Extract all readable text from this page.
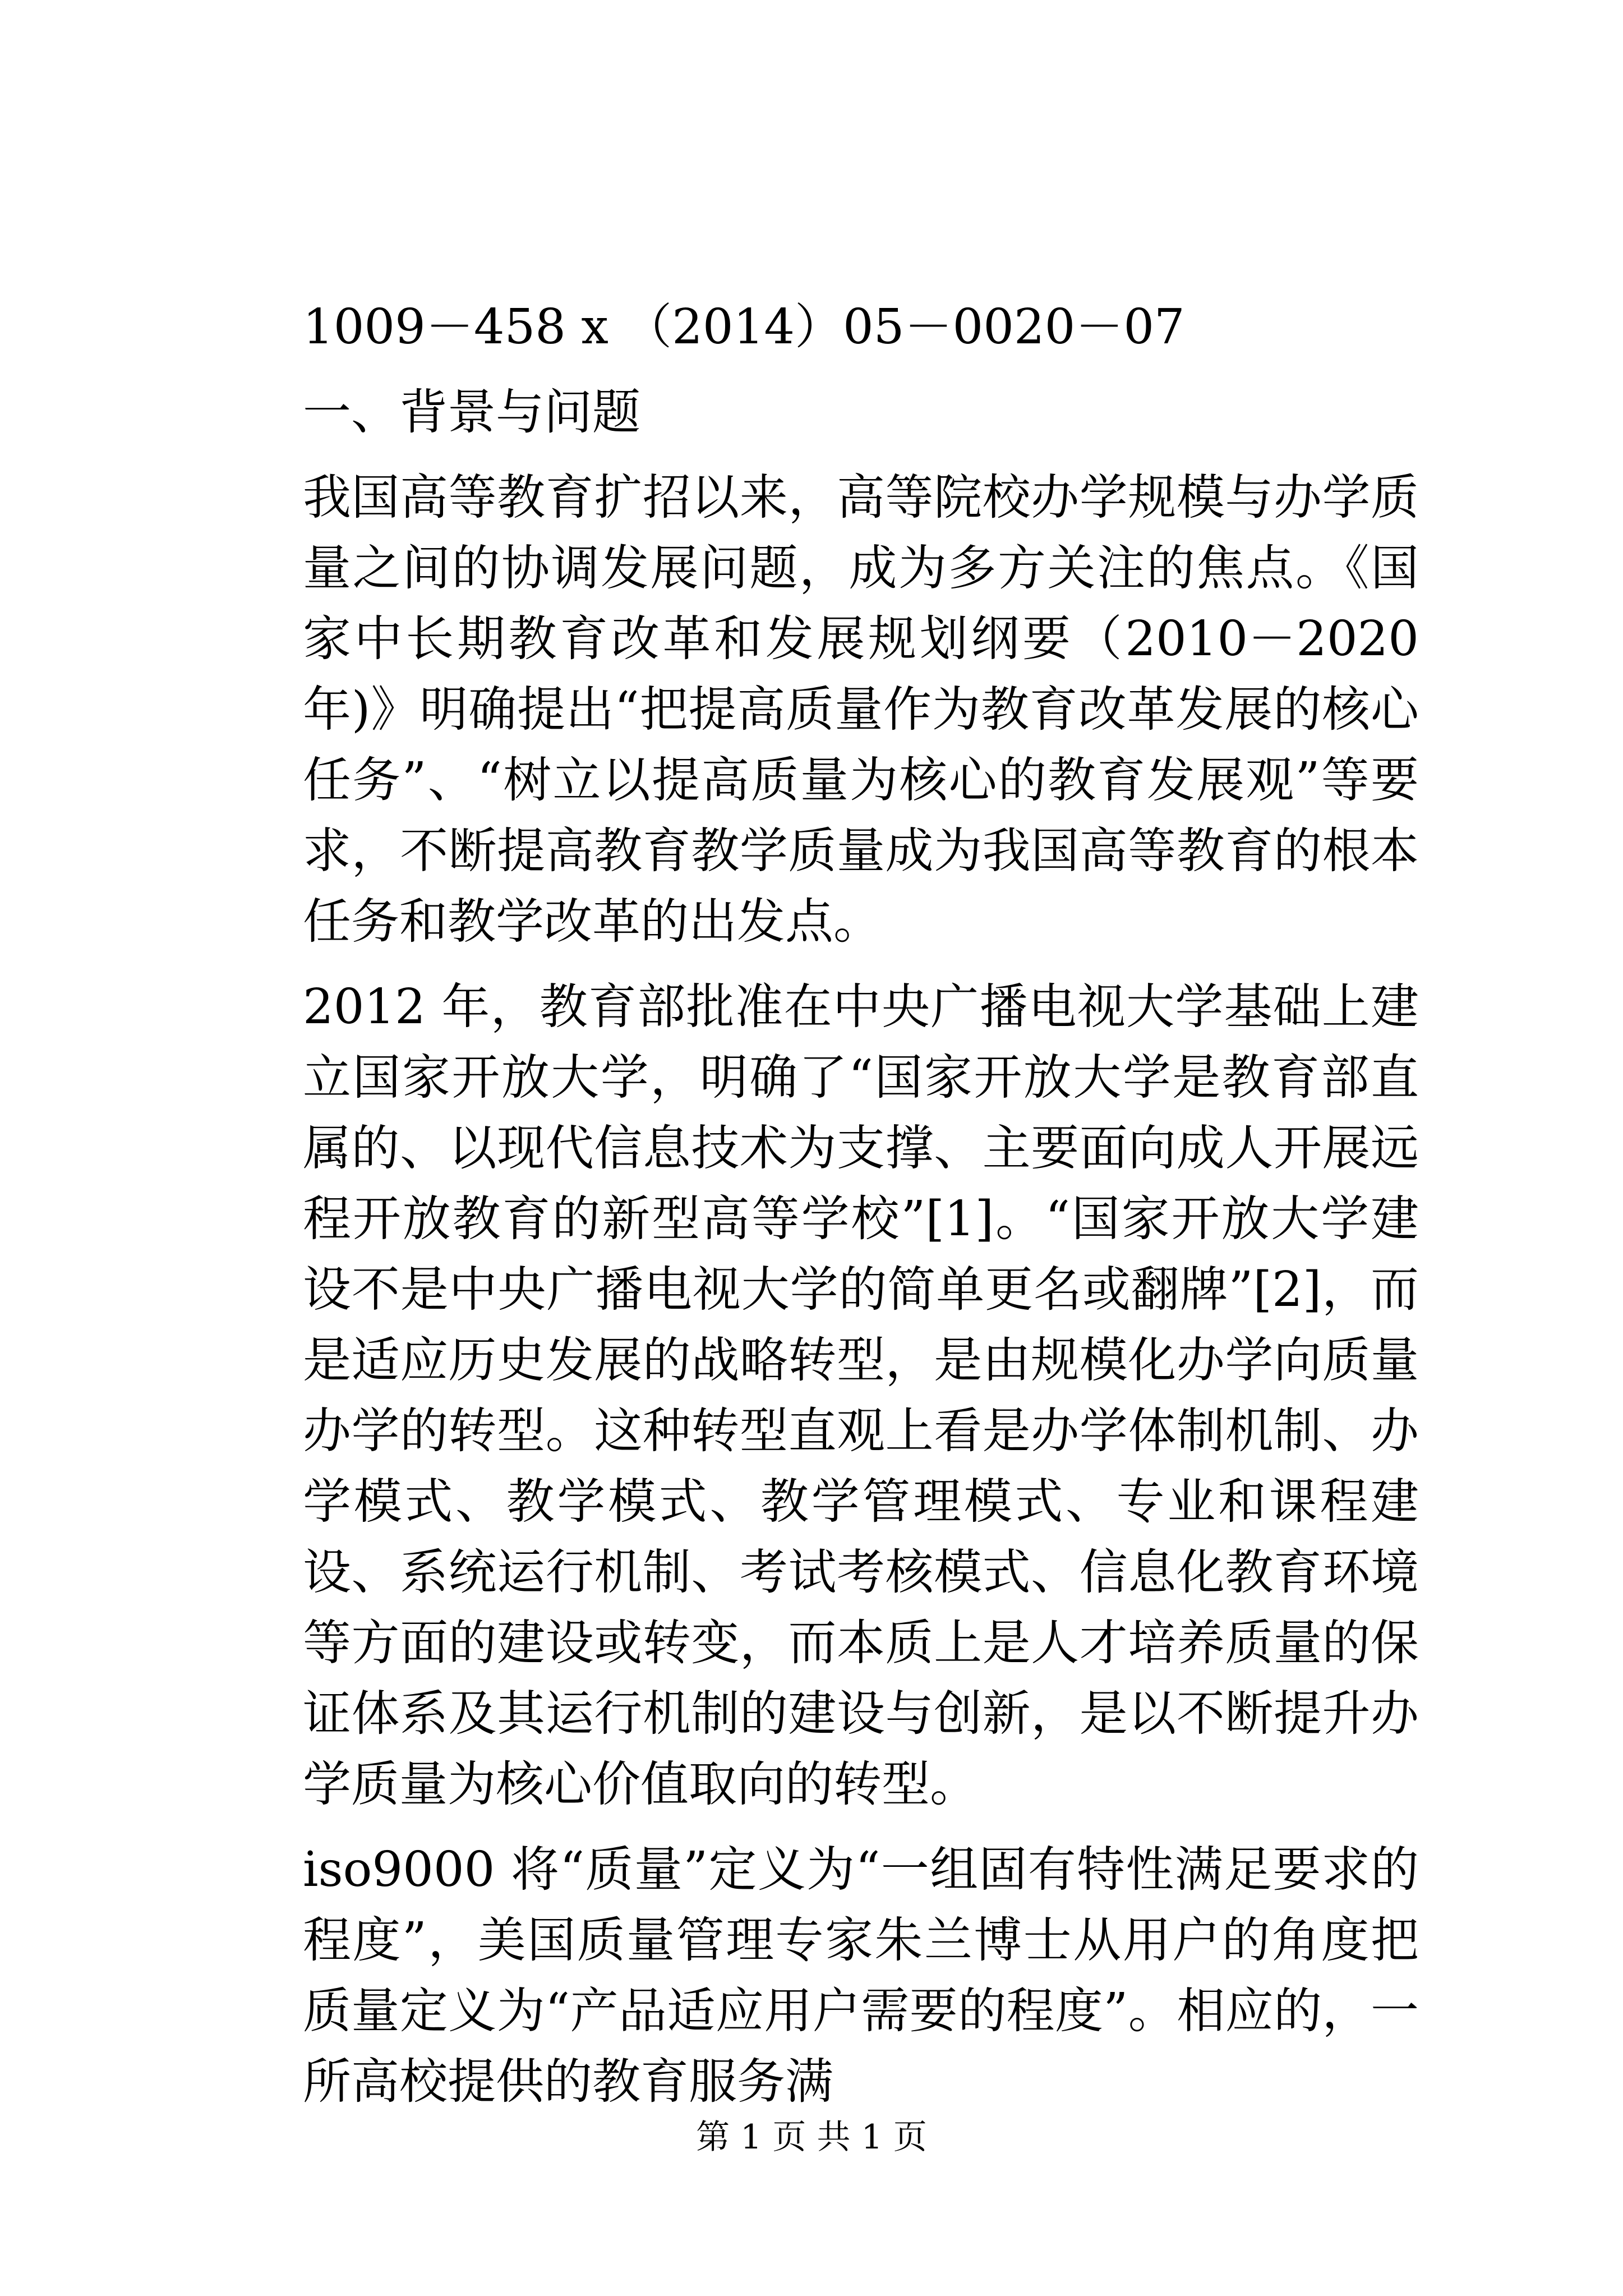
1009－458 x （2014）05－0020－07

一、背景与问题

我国高等教育扩招以来，高等院校办学规模与办学质量之间的协调发展问题，成为多方关注的焦点。《国家中长期教育改革和发展规划纲要（2010－2020 年)》明确提出“把提高质量作为教育改革发展的核心任务”、“树立以提高质量为核心的教育发展观”等要求，不断提高教育教学质量成为我国高等教育的根本任务和教学改革的出发点。

2012 年，教育部批准在中央广播电视大学基础上建立国家开放大学，明确了“国家开放大学是教育部直属的、以现代信息技术为支撑、主要面向成人开展远程开放教育的新型高等学校”[1]。“国家开放大学建设不是中央广播电视大学的简单更名或翻牌”[2]，而是适应历史发展的战略转型，是由规模化办学向质量办学的转型。这种转型直观上看是办学体制机制、办学模式、教学模式、教学管理模式、专业和课程建设、系统运行机制、考试考核模式、信息化教育环境等方面的建设或转变，而本质上是人才培养质量的保证体系及其运行机制的建设与创新，是以不断提升办学质量为核心价值取向的转型。

iso9000 将“质量”定义为“一组固有特性满足要求的程度”，美国质量管理专家朱兰博士从用户的角度把质量定义为“产品适应用户需要的程度”。相应的，一所高校提供的教育服务满

第 1 页 共 1 页
